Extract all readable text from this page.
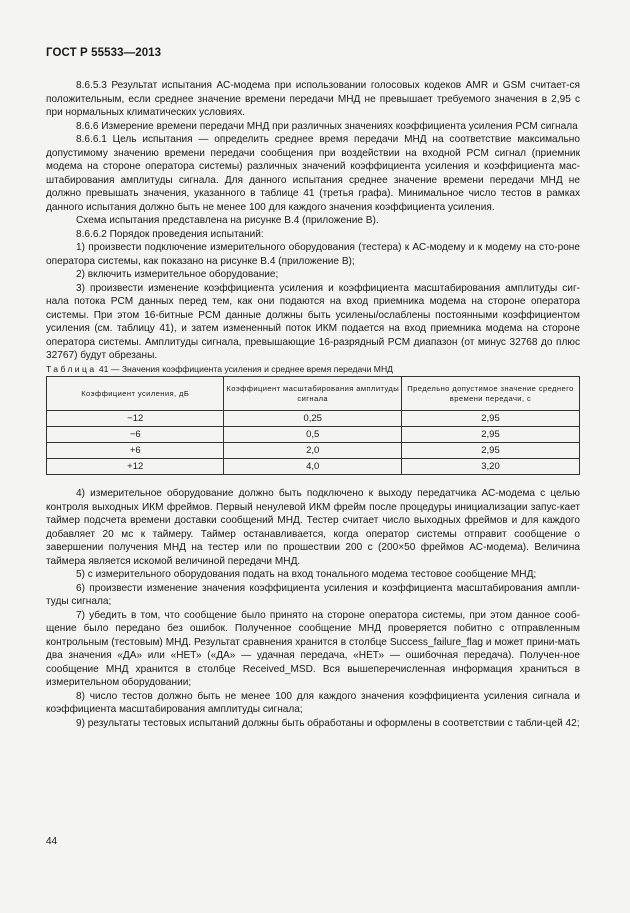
ГОСТ Р 55533—2013

8.6.5.3 Результат испытания АС-модема при использовании голосовых кодеков AMR и GSM считает-ся положительным, если среднее значение времени передачи МНД не превышает требуемого значения в 2,95 с при нормальных климатических условиях.

8.6.6 Измерение времени передачи МНД при различных значениях коэффициента усиления PCM сигнала

8.6.6.1 Цель испытания — определить среднее время передачи МНД на соответствие максимально допустимому значению времени передачи сообщения при воздействии на входной PCM сигнал (приемник модема на стороне оператора системы) различных значений коэффициента усиления и коэффициента мас-штабирования амплитуды сигнала. Для данного испытания среднее значение времени передачи МНД не должно превышать значения, указанного в таблице 41 (третья графа). Минимальное число тестов в рамках данного испытания должно быть не менее 100 для каждого значения коэффициента усиления.

Схема испытания представлена на рисунке В.4 (приложение В).

8.6.6.2 Порядок проведения испытаний:

1) произвести подключение измерительного оборудования (тестера) к АС-модему и к модему на сто-роне оператора системы, как показано на рисунке В.4 (приложение В);

2) включить измерительное оборудование;

3) произвести изменение коэффициента усиления и коэффициента масштабирования амплитуды сиг-нала потока PCM данных перед тем, как они подаются на вход приемника модема на стороне оператора системы. При этом 16-битные PCM данные должны быть усилены/ослаблены постоянными коэффициентом усиления (см. таблицу 41), и затем измененный поток ИКМ подается на вход приемника модема на стороне оператора системы. Амплитуды сигнала, превышающие 16-разрядный PCM диапазон (от минус 32768 до плюс 32767) будут обрезаны.

Таблица 41 — Значения коэффициента усиления и среднее время передачи МНД

Коэффициент усиления, дБ	Коэффициент масштабирования амплитуды сигнала	Предельно допустимое значение среднего времени передачи, с
−12	0,25	2,95
−6	0,5	2,95
+6	2,0	2,95
+12	4,0	3,20

4) измерительное оборудование должно быть подключено к выходу передатчика АС-модема с целью контроля выходных ИКМ фреймов. Первый ненулевой ИКМ фрейм после процедуры инициализации запус-кает таймер подсчета времени доставки сообщений МНД. Тестер считает число выходных фреймов и для каждого добавляет 20 мс к таймеру. Таймер останавливается, когда оператор системы отправит сообщение о завершении получения МНД на тестер или по прошествии 200 с (200×50 фреймов АС-модема). Величина таймера является искомой величиной передачи МНД.

5) с измерительного оборудования подать на вход тонального модема тестовое сообщение МНД;

6) произвести изменение значения коэффициента усиления и коэффициента масштабирования ампли-туды сигнала;

7) убедить в том, что сообщение было принято на стороне оператора системы, при этом данное сооб-щение было передано без ошибок. Полученное сообщение МНД проверяется побитно с отправленным контрольным (тестовым) МНД. Результат сравнения хранится в столбце Success_failure_flag и может прини-мать два значения «ДА» или «НЕТ» («ДА» — удачная передача, «НЕТ» — ошибочная передача). Получен-ное сообщение МНД хранится в столбце Received_MSD. Вся вышеперечисленная информация храниться в измерительном оборудовании;

8) число тестов должно быть не менее 100 для каждого значения коэффициента усиления сигнала и коэффициента масштабирования амплитуды сигнала;

9) результаты тестовых испытаний должны быть обработаны и оформлены в соответствии с табли-цей 42;

44
